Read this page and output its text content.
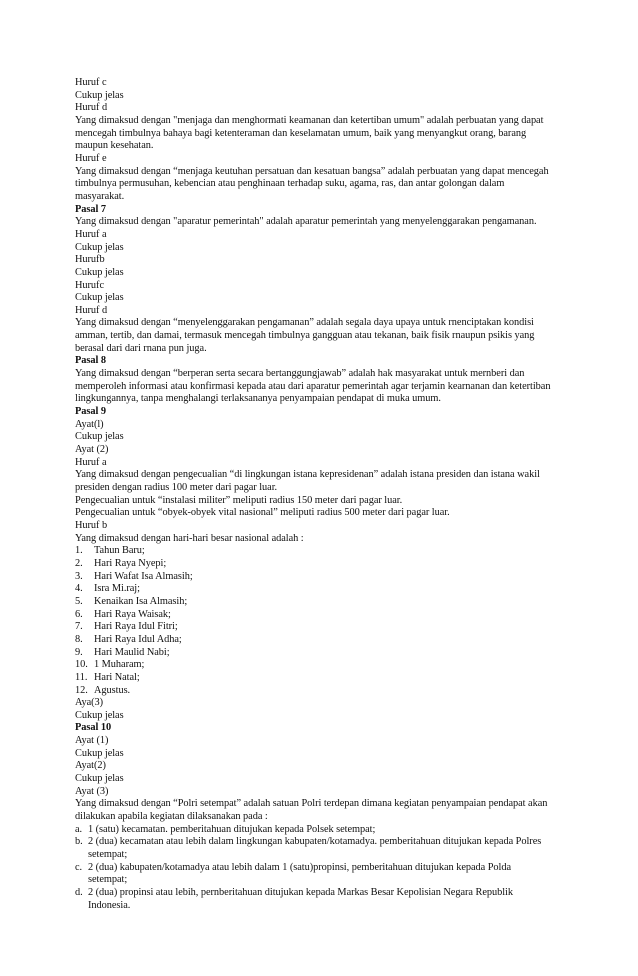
Huruf c
Cukup jelas
Huruf d
Yang dimaksud dengan "menjaga dan menghormati keamanan dan ketertiban umum" adalah perbuatan yang dapat
mencegah timbulnya bahaya bagi ketenteraman dan keselamatan umum, baik yang menyangkut orang, barang
maupun kesehatan.
Huruf e
Yang dimaksud dengan “menjaga keutuhan persatuan dan kesatuan bangsa” adalah perbuatan yang dapat mencegah
timbulnya permusuhan, kebencian atau penghinaan terhadap suku, agama, ras, dan antar golongan dalam
masyarakat.
Pasal 7
Yang dimaksud dengan "aparatur pemerintah" adalah aparatur pemerintah yang menyelenggarakan pengamanan.
Huruf a
Cukup jelas
Hurufb
Cukup jelas
Hurufc
Cukup jelas
Huruf d
Yang dimaksud dengan “menyelenggarakan pengamanan” adalah segala daya upaya untuk rnenciptakan kondisi
amman, tertib, dan damai, termasuk mencegah timbulnya gangguan atau tekanan, baik fisik rnaupun psikis yang
berasal dari dari rnana pun juga.
Pasal 8
Yang dimaksud dengan “berperan serta secara bertanggungjawab” adalah hak masyarakat untuk mernberi dan
memperoleh informasi atau konfirmasi kepada atau dari aparatur pemerintah agar terjamin kearnanan dan ketertiban
lingkungannya, tanpa menghalangi terlaksananya penyampaian pendapat di muka umum.
Pasal 9
Ayat(l)
Cukup jelas
Ayat (2)
Huruf a
Yang dimaksud dengan pengecualian “di lingkungan istana kepresidenan” adalah istana presiden dan istana wakil
presiden dengan radius 100 meter dari pagar luar.
Pengecualian untuk “instalasi militer” meliputi radius 150 meter dari pagar luar.
Pengecualian untuk “obyek-obyek vital nasional” meliputi radius 500 meter dari pagar luar.
Huruf b
Yang dimaksud dengan hari-hari besar nasional adalah :
1.	Tahun Baru;
2.	Hari Raya Nyepi;
3.	Hari Wafat Isa Almasih;
4.	Isra Mi.raj;
5.	Kenaikan Isa Almasih;
6.	Hari Raya Waisak;
7.	Hari Raya Idul Fitri;
8.	Hari Raya Idul Adha;
9.	Hari Maulid Nabi;
10. 1 Muharam;
11. Hari Natal;
12. Agustus.
Aya(3)
Cukup jelas
Pasal 10
Ayat (1)
Cukup jelas
Ayat(2)
Cukup jelas
Ayat (3)
Yang dimaksud dengan “Polri setempat” adalah satuan Polri terdepan dimana kegiatan penyampaian pendapat akan
dilakukan apabila kegiatan dilaksanakan pada :
a. 1 (satu) kecamatan. pemberitahuan ditujukan kepada Polsek setempat;
b. 2 (dua) kecamatan atau lebih dalam lingkungan kabupaten/kotamadya. pemberitahuan ditujukan kepada Polres
setempat;
c. 2 (dua) kabupaten/kotamadya atau lebih dalam 1 (satu)propinsi, pemberitahuan ditujukan kepada Polda
setempat;
d. 2 (dua) propinsi atau lebih, pernberitahuan ditujukan kepada Markas Besar Kepolisian Negara Republik
Indonesia.
